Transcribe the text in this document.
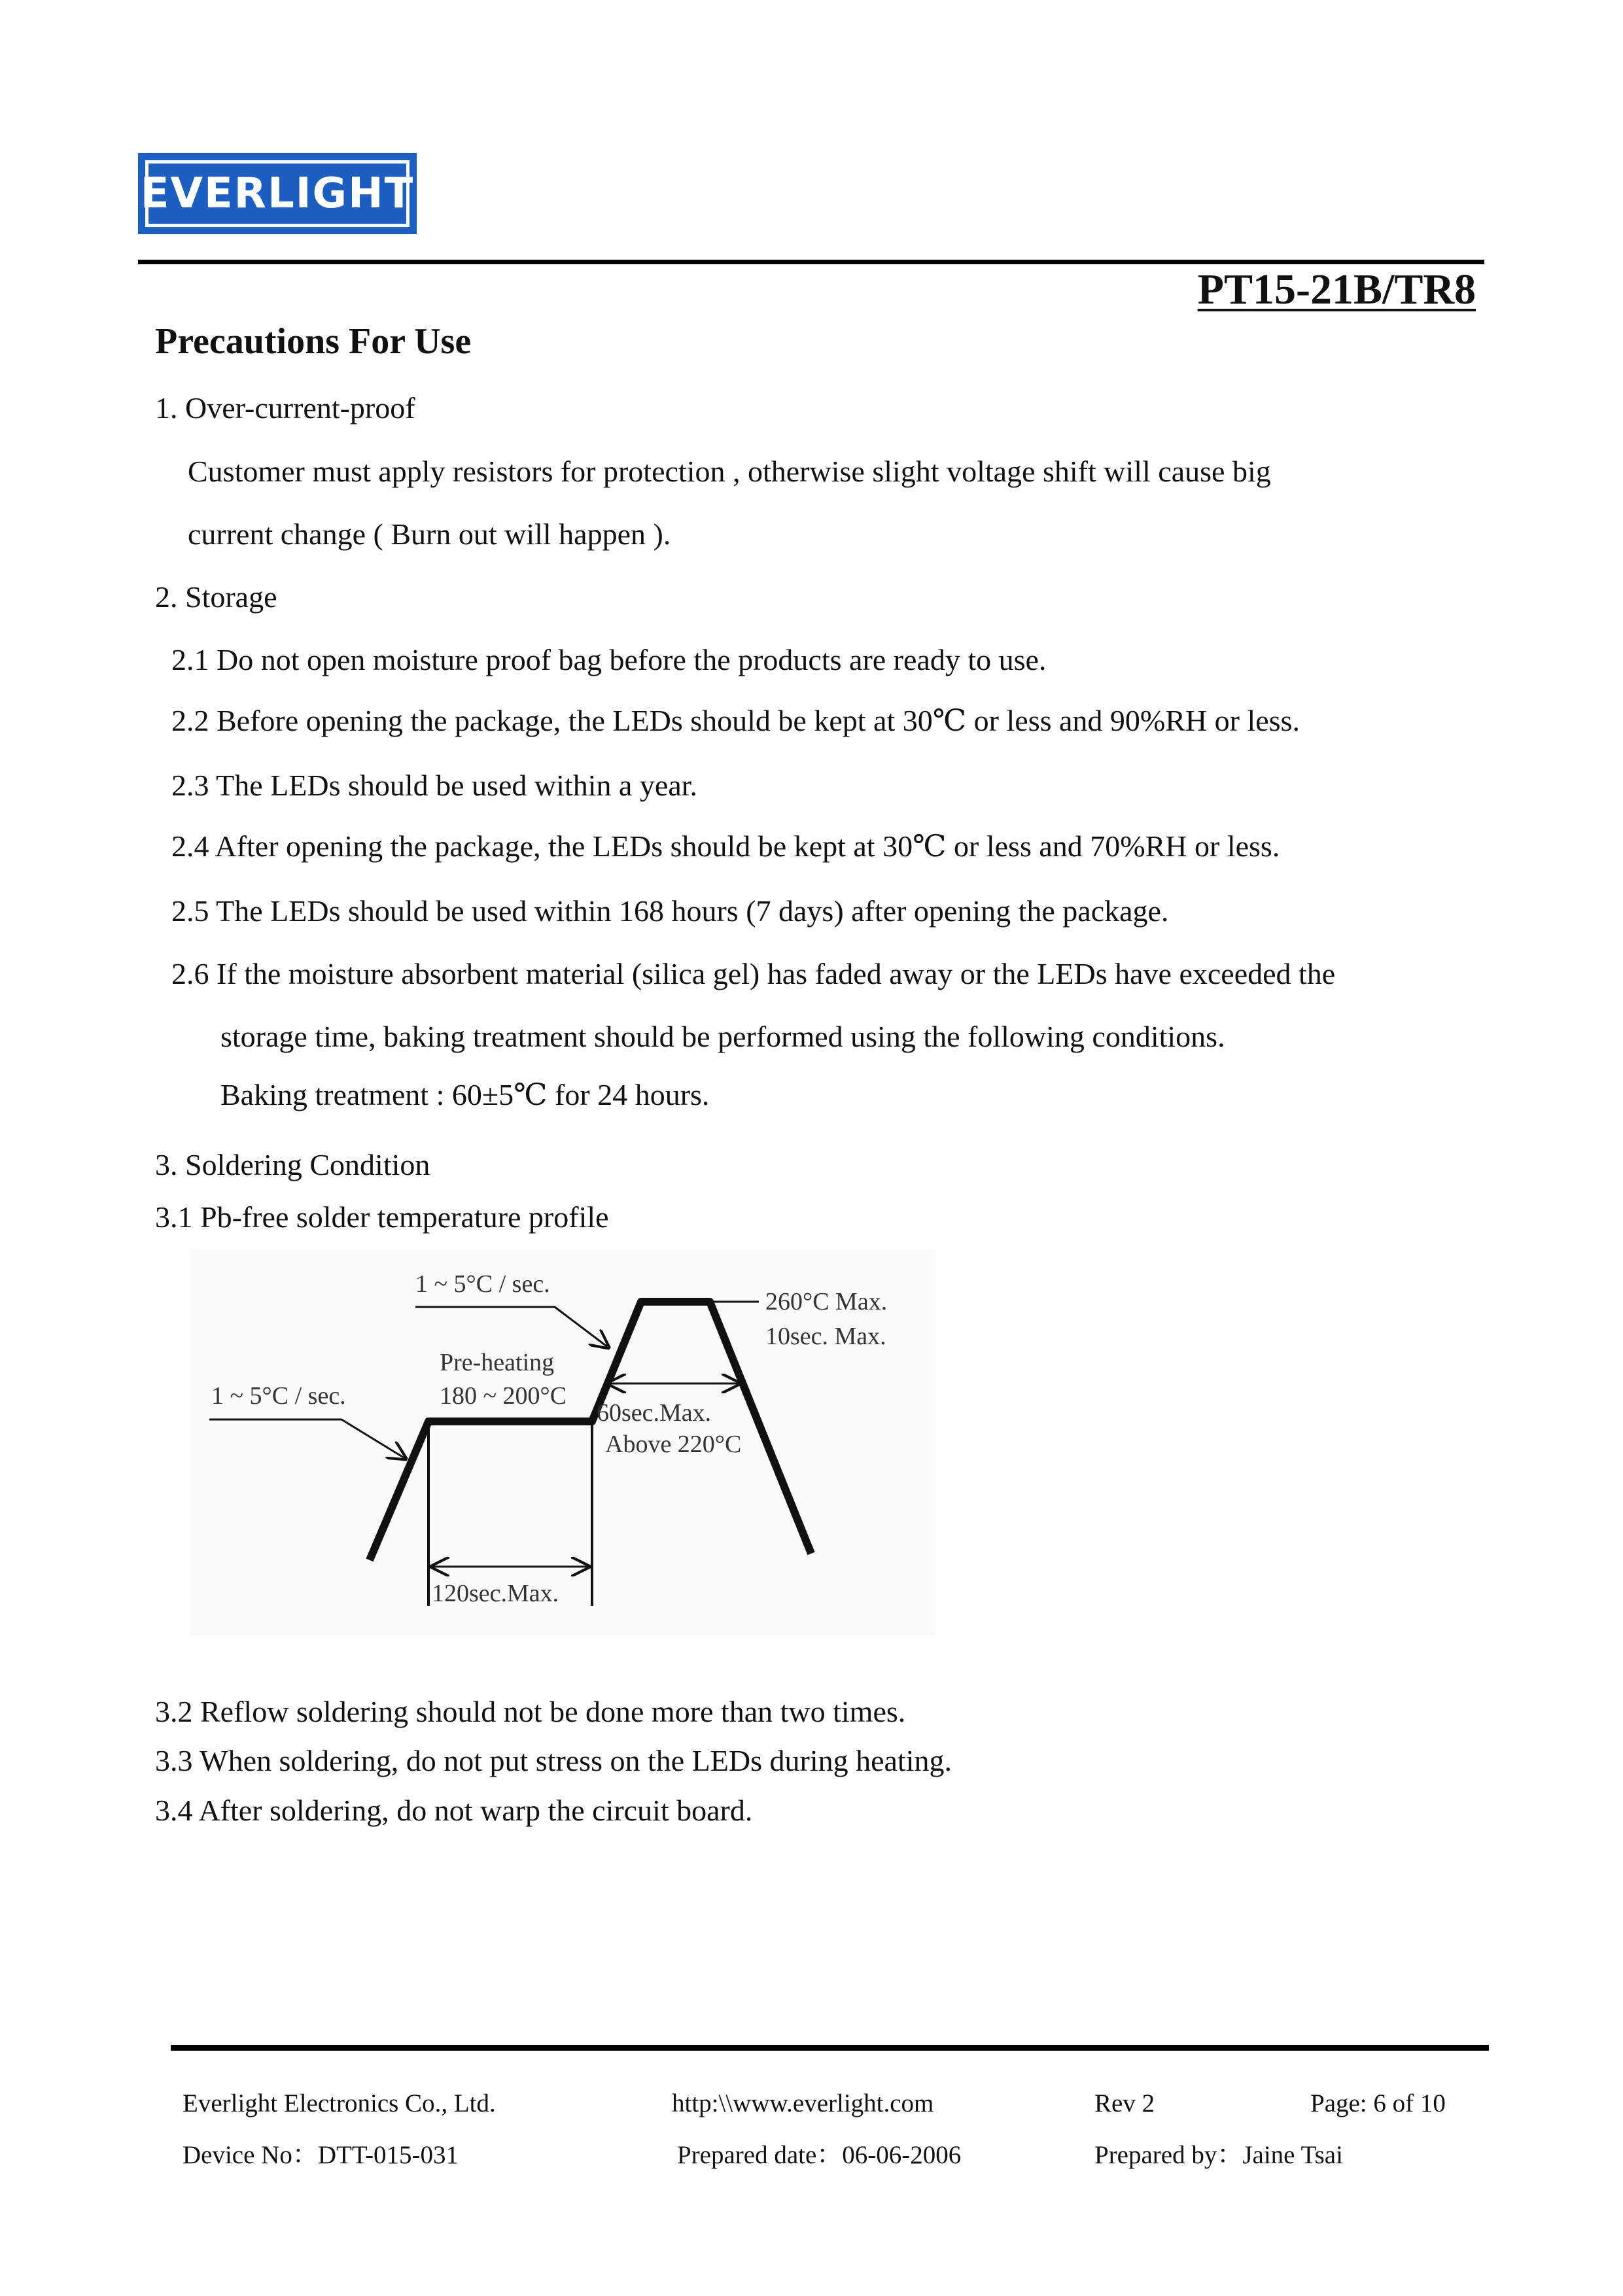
EVERLIGHT
PT15-21B/TR8
Precautions For Use
1. Over-current-proof
Customer must apply resistors for protection , otherwise slight voltage shift will cause big
current change ( Burn out will happen ).
2. Storage
2.1 Do not open moisture proof bag before the products are ready to use.
2.2 Before opening the package, the LEDs should be kept at 30℃ or less and 90%RH or less.
2.3 The LEDs should be used within a year.
2.4 After opening the package, the LEDs should be kept at 30℃ or less and 70%RH or less.
2.5 The LEDs should be used within 168 hours (7 days) after opening the package.
2.6 If the moisture absorbent material (silica gel) has faded away or the LEDs have exceeded the
storage time, baking treatment should be performed using the following conditions.
Baking treatment : 60±5℃ for 24 hours.
3. Soldering Condition
3.1 Pb-free solder temperature profile
1 ~ 5°C / sec.
1 ~ 5°C / sec.
Pre-heating
180 ~ 200°C
260°C Max.
10sec. Max.
60sec.Max.
Above 220°C
120sec.Max.
3.2 Reflow soldering should not be done more than two times.
3.3 When soldering, do not put stress on the LEDs during heating.
3.4 After soldering, do not warp the circuit board.
Everlight Electronics Co., Ltd.	http:\\www.everlight.com	Rev 2	Page: 6 of 10
Device No：DTT-015-031	Prepared date：06-06-2006	Prepared by：Jaine Tsai
